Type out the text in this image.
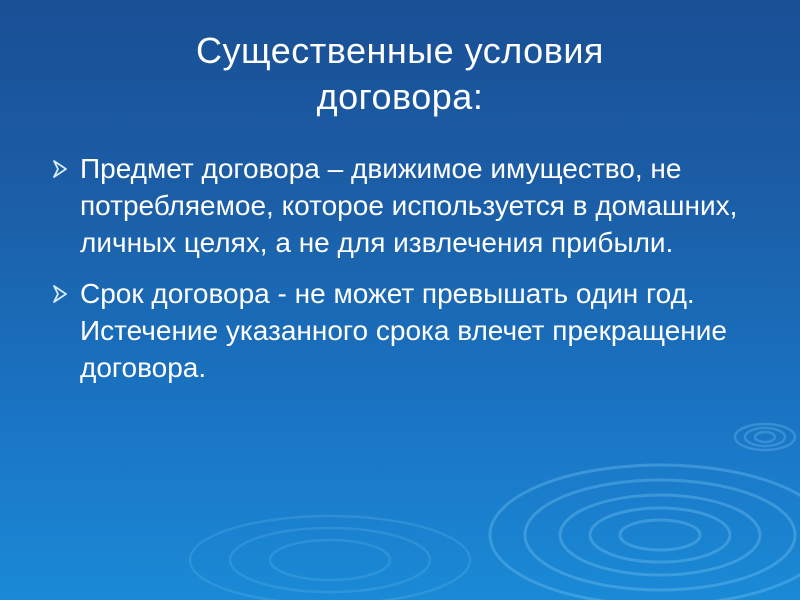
Существенные условия
договора:
Предмет договора – движимое имущество, не потребляемое, которое используется в домашних, личных целях, а не для извлечения прибыли.
Срок договора - не может превышать один год. Истечение указанного срока влечет прекращение договора.
